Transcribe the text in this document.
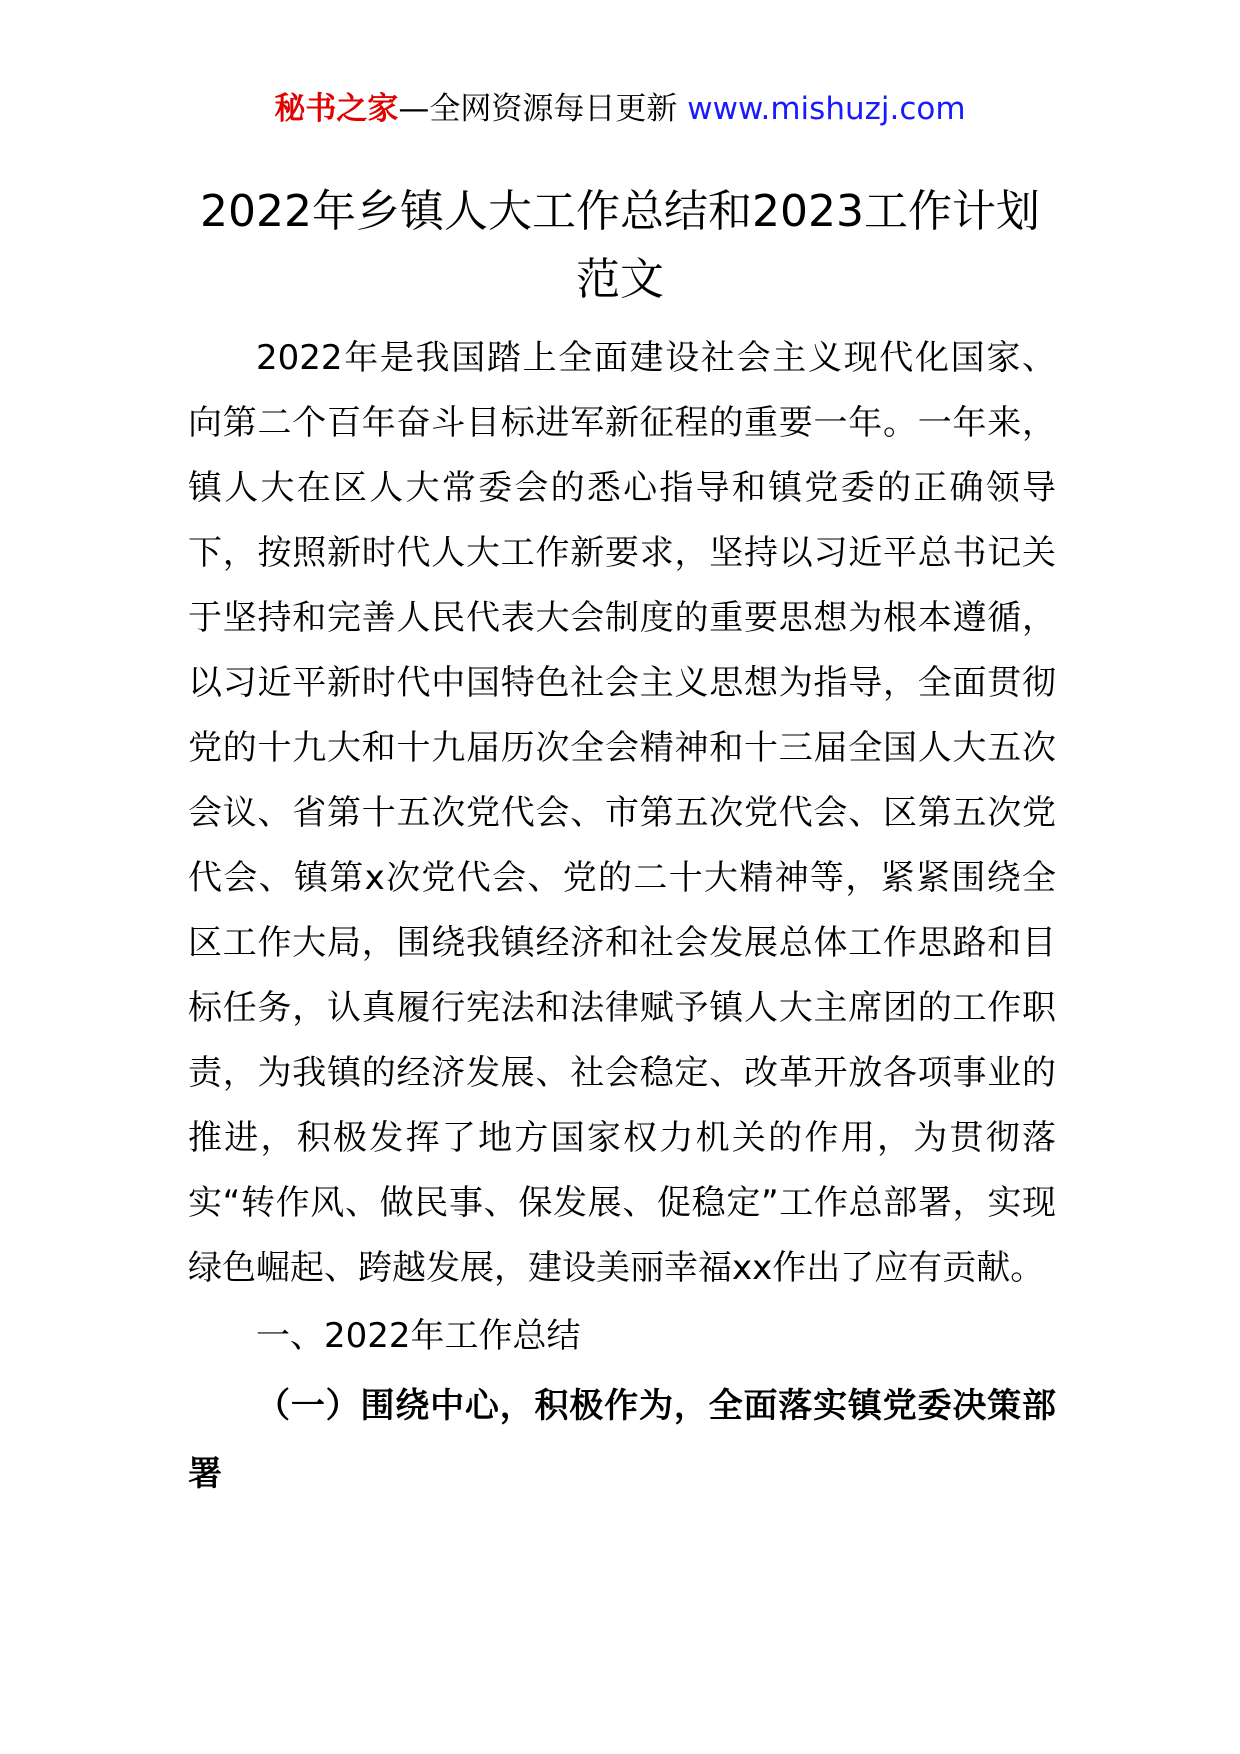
秘书之家—全网资源每日更新 www.mishuzj.com
2022年乡镇人大工作总结和2023工作计划范文

2022年是我国踏上全面建设社会主义现代化国家、向第二个百年奋斗目标进军新征程的重要一年。一年来，镇人大在区人大常委会的悉心指导和镇党委的正确领导下，按照新时代人大工作新要求，坚持以习近平总书记关于坚持和完善人民代表大会制度的重要思想为根本遵循，以习近平新时代中国特色社会主义思想为指导，全面贯彻党的十九大和十九届历次全会精神和十三届全国人大五次会议、省第十五次党代会、市第五次党代会、区第五次党代会、镇第x次党代会、党的二十大精神等，紧紧围绕全区工作大局，围绕我镇经济和社会发展总体工作思路和目标任务，认真履行宪法和法律赋予镇人大主席团的工作职责，为我镇的经济发展、社会稳定、改革开放各项事业的推进，积极发挥了地方国家权力机关的作用，为贯彻落实“转作风、做民事、保发展、促稳定”工作总部署，实现绿色崛起、跨越发展，建设美丽幸福xx作出了应有贡献。

一、2022年工作总结

（一）围绕中心，积极作为，全面落实镇党委决策部署
